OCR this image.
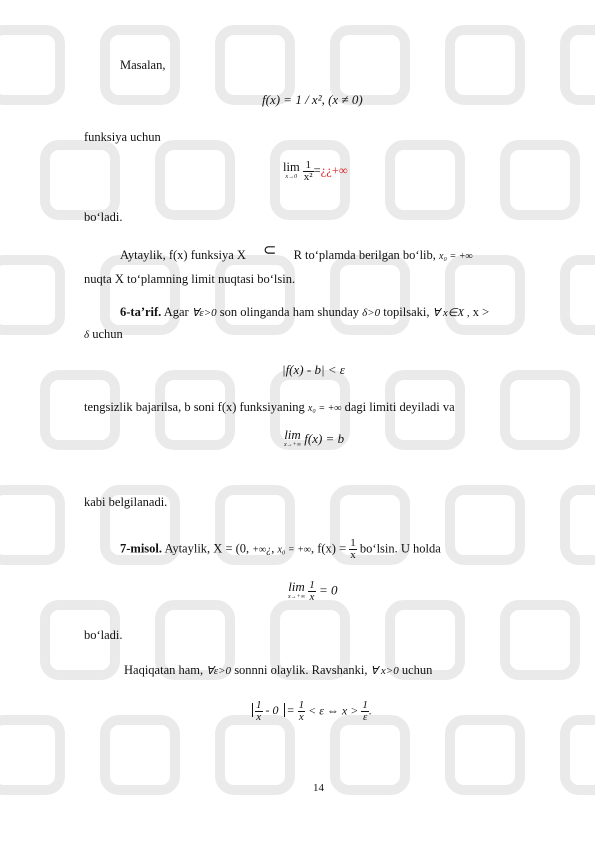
Masalan,
f(x) = 1 / x², (x ≠ 0)
funksiya uchun
lim
x→0
$\frac{1}{\text{x²}}$ =¿¿+∞
bo‘ladi.
Aytaylik, f(x) funksiya X ⊂ R to‘plamda berilgan bo‘lib, x₀ = +∞
nuqta X to‘plamning limit nuqtasi bo‘lsin.
6-ta’rif. Agar ∀ε>0 son olinganda ham shunday δ>0 topilsaki, ∀ x∈X , x >
δ uchun
|f(x) - b| < ε
tengsizlik bajarilsa, b soni f(x) funksiyaning x₀ = +∞ dagi limiti deyiladi va
lim
x→+∞ f(x) = b
kabi belgilanadi.
7-misol. Aytaylik, X = (0, +∞¿, x₀ = +∞, $f(x) = \frac{1}{x}$ bo‘lsin. U holda
lim
x→+∞
$\frac{1}{x} = 0$
bo‘ladi.
Haqiqatan ham, ∀ε>0 sonnni olaylik. Ravshanki, ∀ x>0 uchun
$\frac{1}{x} - 0 = \frac{1}{x} < \varepsilon$ ⇔ $x > \frac{1}{\varepsilon}$ .
14
